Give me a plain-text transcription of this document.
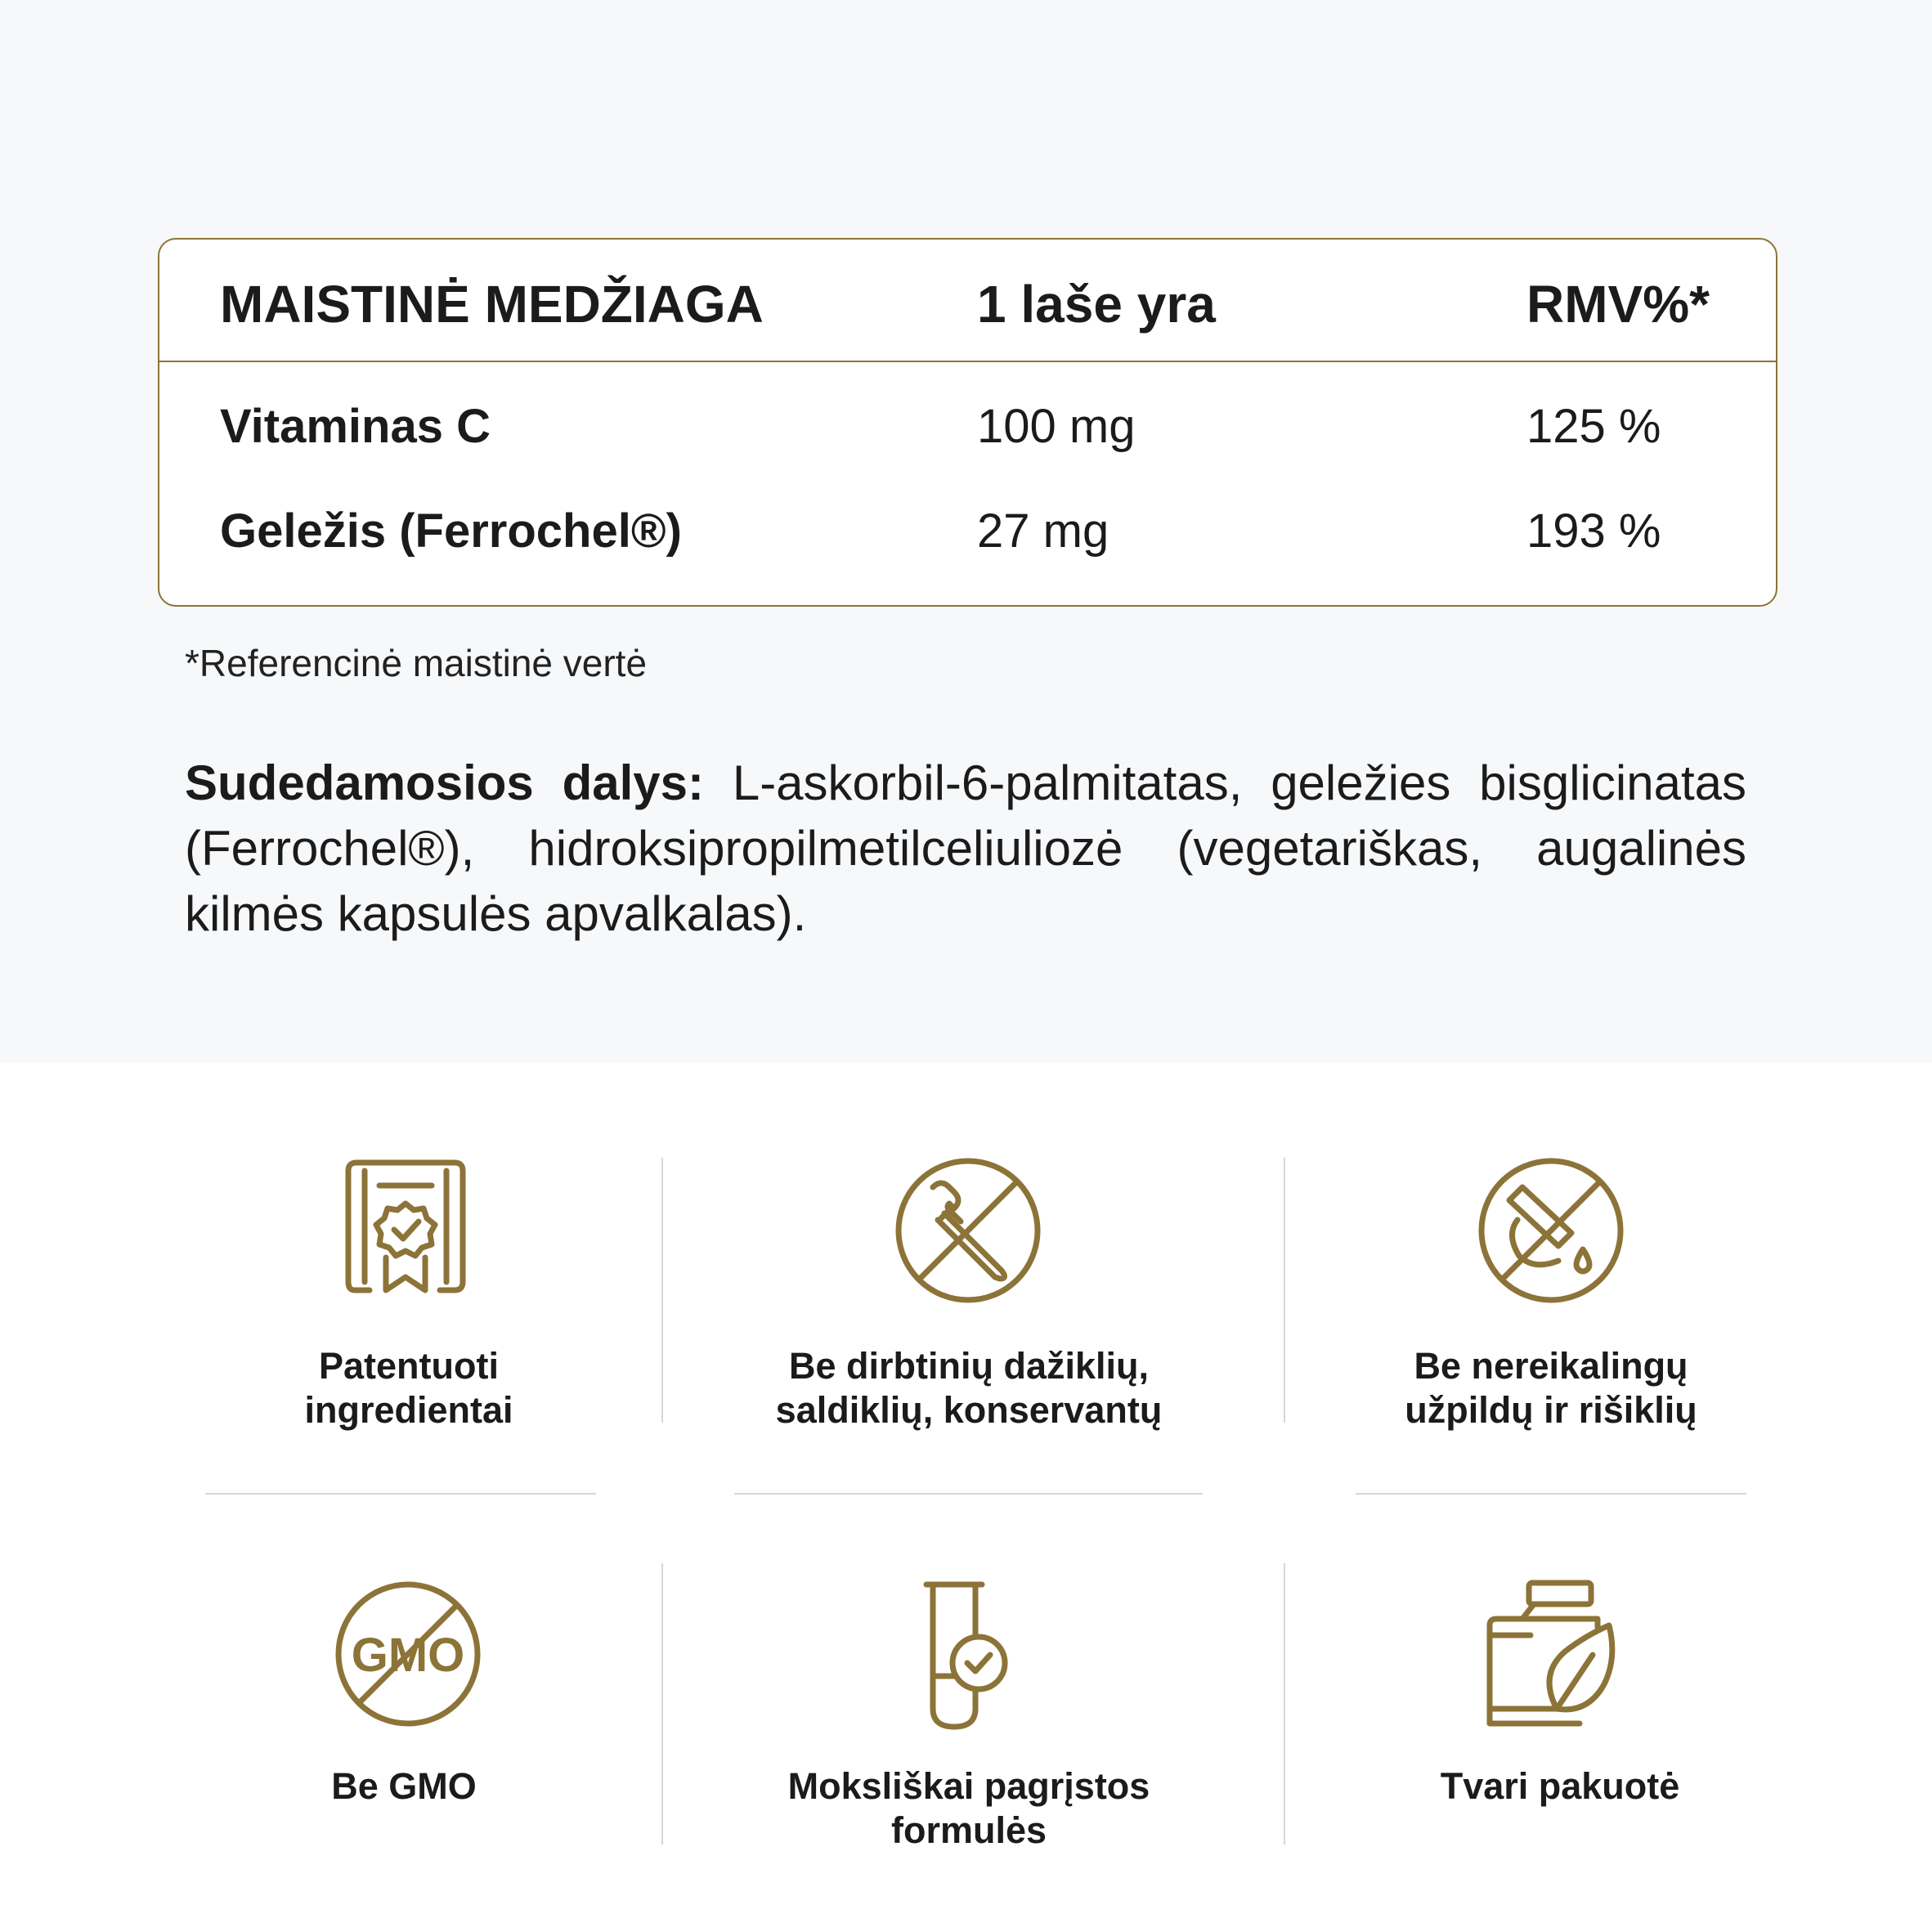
MAISTINĖ MEDŽIAGA	1 laše yra	RMV%*
Vitaminas C	100 mg	125 %
Geležis (Ferrochel®)	27 mg	193 %
*Referencinė maistinė vertė
Sudedamosios dalys: L-askorbil-6-palmitatas, geležies bisglicinatas (Ferrochel®), hidroksipropilmetilceliuliozė (vegetariškas, augalinės kilmės kapsulės apvalkalas).
Patentuoti
ingredientai
Be dirbtinių dažiklių,
saldiklių, konservantų
Be nereikalingų
užpildų ir rišiklių
GMO
Be GMO	Moksliškai pagrįstos
formulės
Tvari pakuotė
